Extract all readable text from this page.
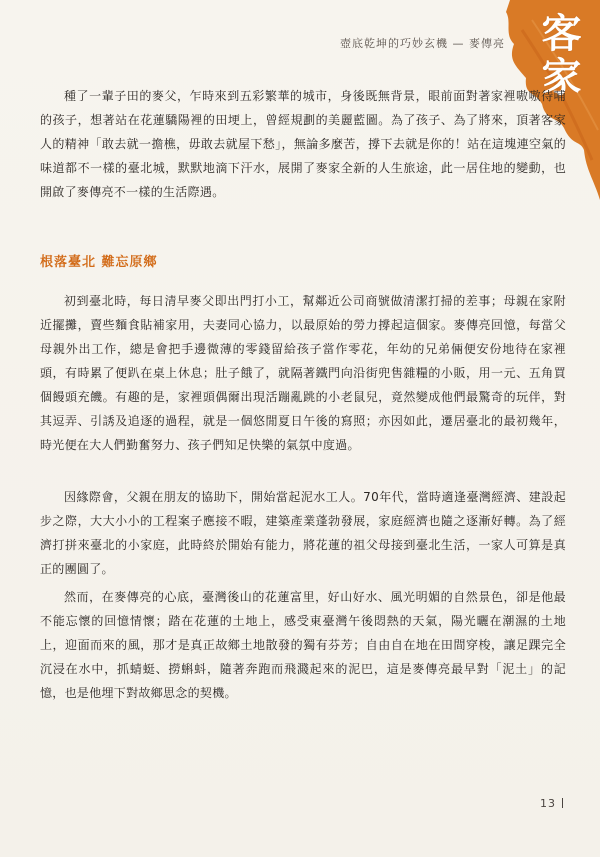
壺底乾坤的巧妙玄機 — 麥傳亮 客家

種了一輩子田的麥父，乍時來到五彩繁華的城市，身後既無背景，眼前面對著家裡嗷嗷待哺的孩子，想著站在花蓮驕陽裡的田埂上，曾經規劃的美麗藍圖。為了孩子、為了將來，頂著客家人的精神「敢去就一擔樵，毋敢去就屋下愁」，無論多麼苦，撐下去就是你的！站在這塊連空氣的味道都不一樣的臺北城，默默地滴下汗水，展開了麥家全新的人生旅途，此一居住地的變動，也開啟了麥傳亮不一樣的生活際遇。

根落臺北 難忘原鄉

初到臺北時，每日清早麥父即出門打小工，幫鄰近公司商號做清潔打掃的差事；母親在家附近擺攤，賣些麵食貼補家用，夫妻同心協力，以最原始的勞力撐起這個家。麥傳亮回憶，每當父母親外出工作，總是會把手邊微薄的零錢留給孩子當作零花，年幼的兄弟倆便安份地待在家裡頭，有時累了便趴在桌上休息；肚子餓了，就隔著鐵門向沿街兜售雜糧的小販，用一元、五角買個饅頭充饑。有趣的是，家裡頭偶爾出現活蹦亂跳的小老鼠兒，竟然變成他們最驚奇的玩伴，對其逗弄、引誘及追逐的過程，就是一個悠閒夏日午後的寫照；亦因如此，遷居臺北的最初幾年，時光便在大人們勤奮努力、孩子們知足快樂的氣氛中度過。

因緣際會，父親在朋友的協助下，開始當起泥水工人。70年代，當時適逢臺灣經濟、建設起步之際，大大小小的工程案子應接不暇，建築產業蓬勃發展，家庭經濟也隨之逐漸好轉。為了經濟打拼來臺北的小家庭，此時終於開始有能力，將花蓮的祖父母接到臺北生活，一家人可算是真正的團圓了。

然而，在麥傳亮的心底，臺灣後山的花蓮富里，好山好水、風光明媚的自然景色，卻是他最不能忘懷的回憶情懷；踏在花蓮的土地上，感受東臺灣午後悶熱的天氣，陽光曬在潮濕的土地上，迎面而來的風，那才是真正故鄉土地散發的獨有芬芳；自由自在地在田間穿梭，讓足踝完全沉浸在水中，抓蜻蜓、撈蝌蚪，隨著奔跑而飛濺起來的泥巴，這是麥傳亮最早對「泥土」的記憶，也是他埋下對故鄉思念的契機。

13
